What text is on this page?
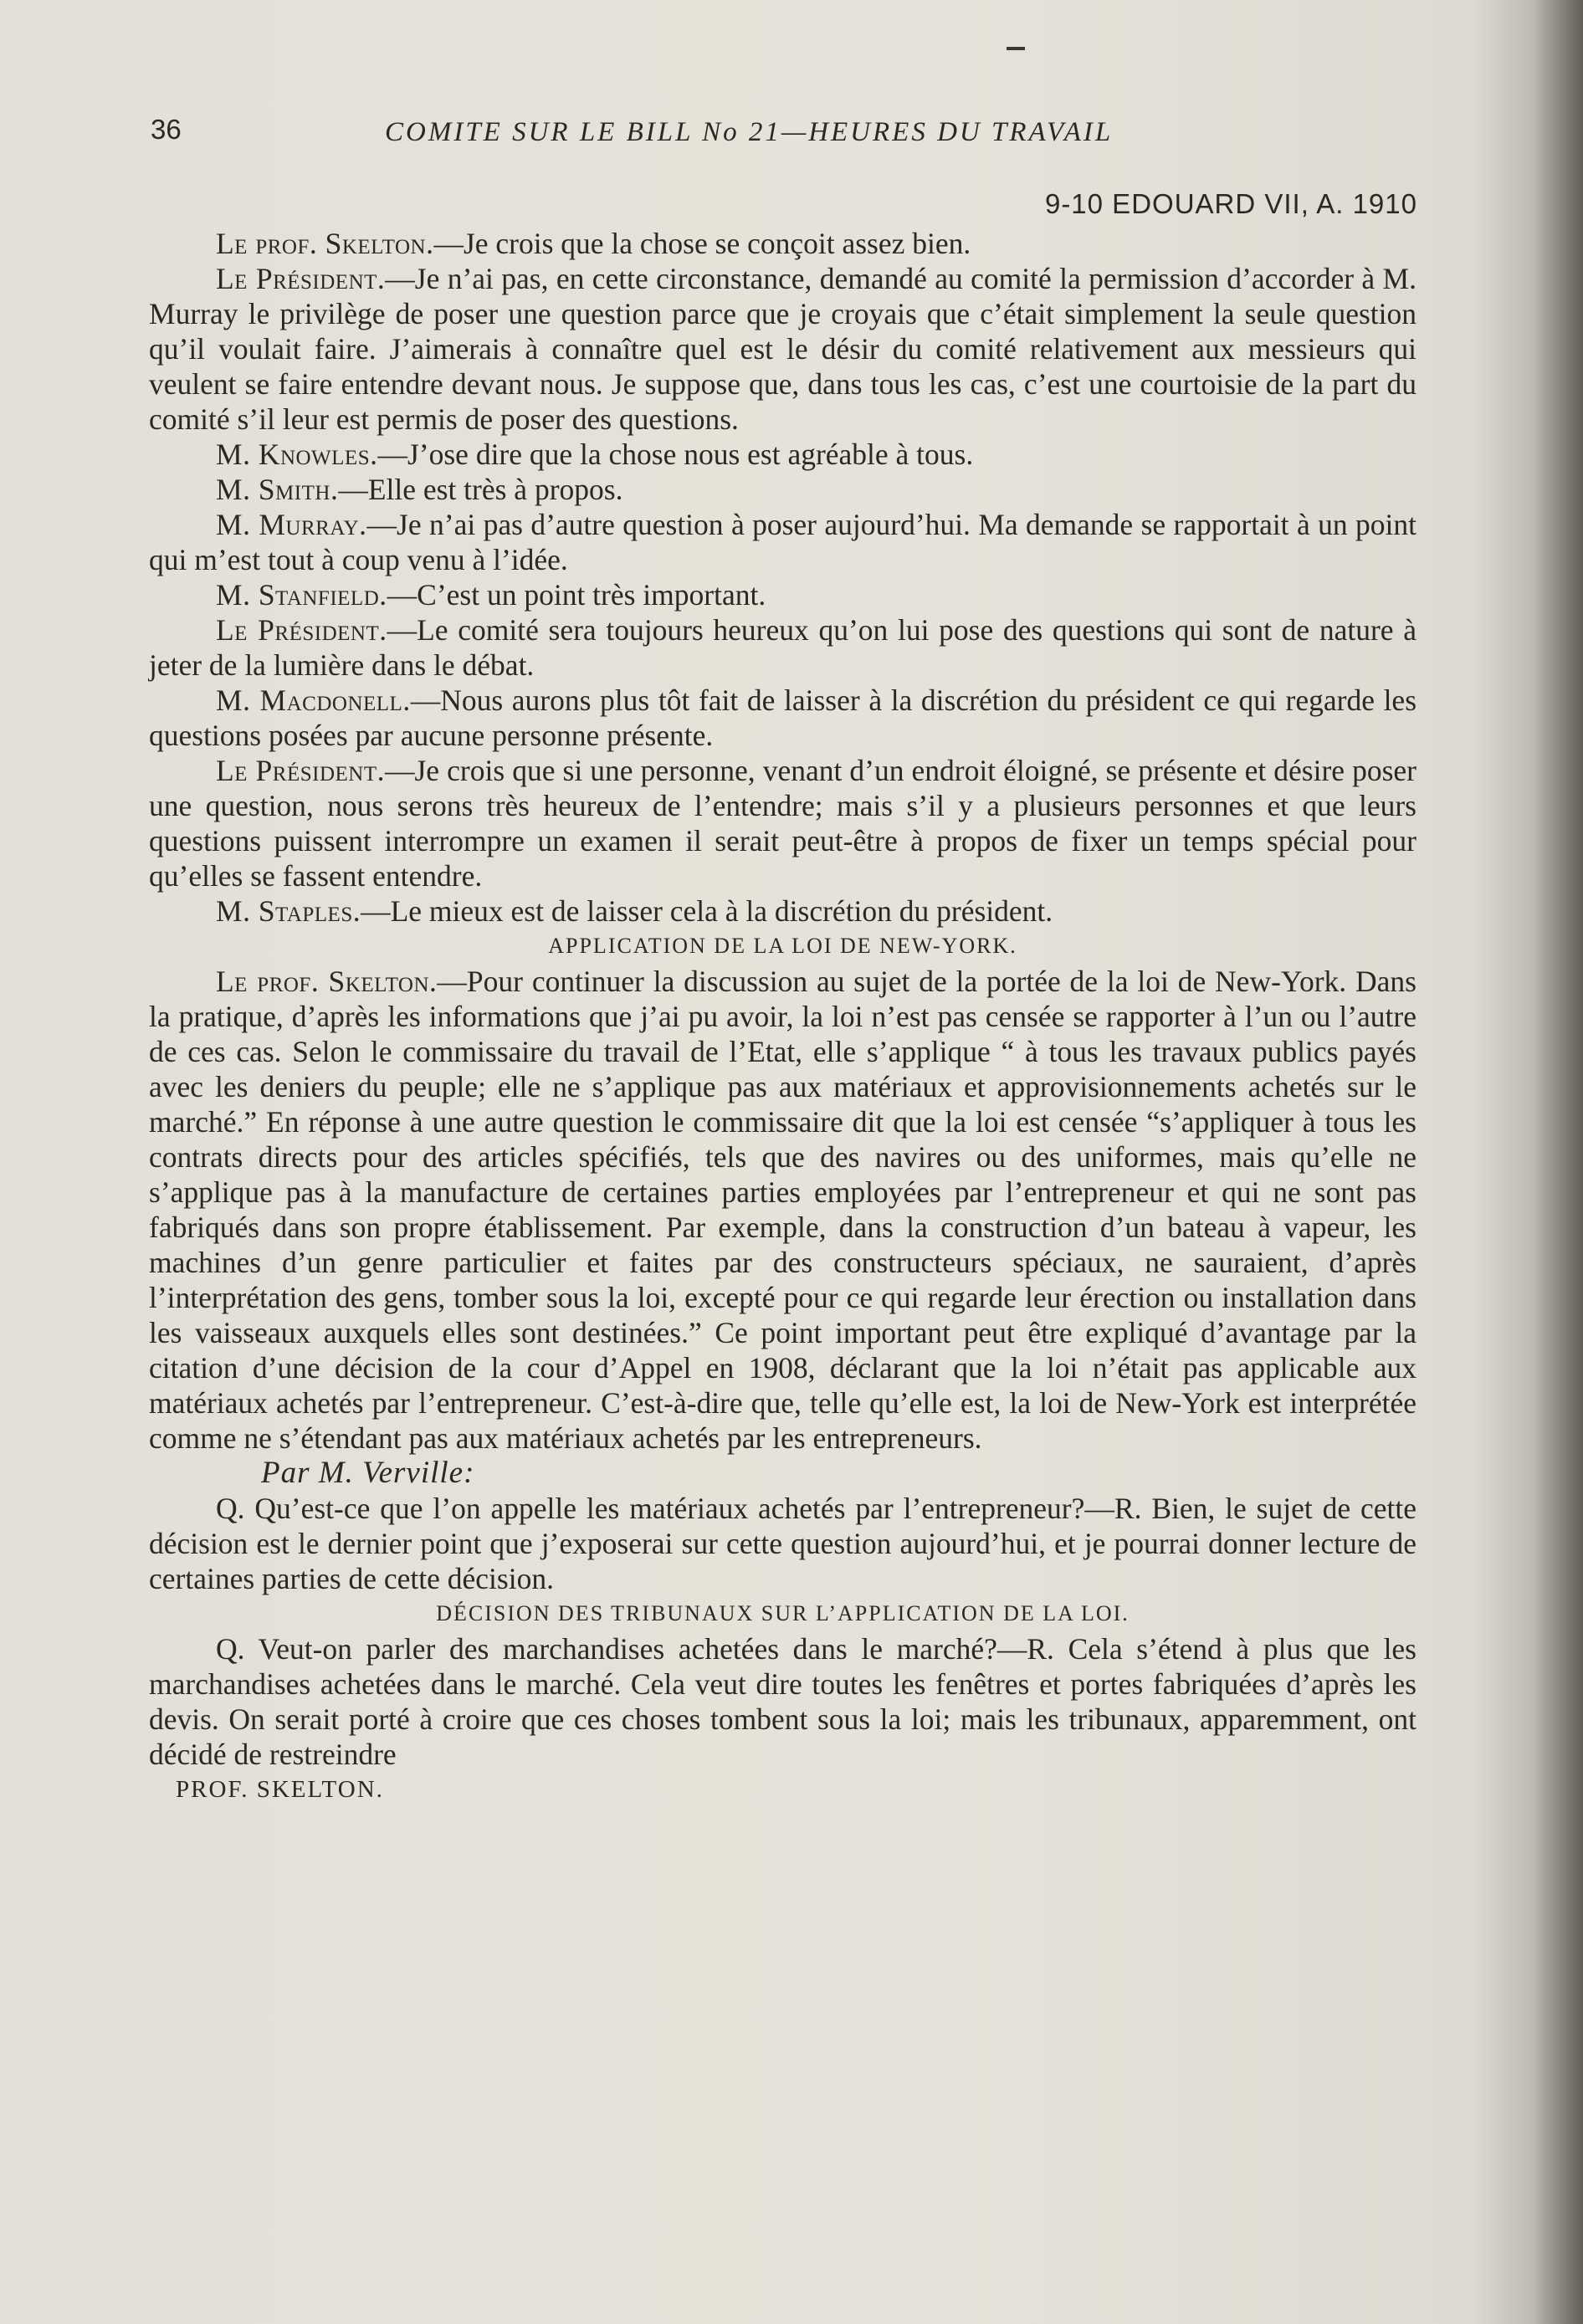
36	COMITE SUR LE BILL No 21—HEURES DU TRAVAIL
9-10 EDOUARD VII, A. 1910

Le prof. Skelton.—Je crois que la chose se conçoit assez bien.

Le Président.—Je n’ai pas, en cette circonstance, demandé au comité la permission d’accorder à M. Murray le privilège de poser une question parce que je croyais que c’était simplement la seule question qu’il voulait faire. J’aimerais à connaître quel est le désir du comité relativement aux messieurs qui veulent se faire entendre devant nous. Je suppose que, dans tous les cas, c’est une courtoisie de la part du comité s’il leur est permis de poser des questions.

M. Knowles.—J’ose dire que la chose nous est agréable à tous.

M. Smith.—Elle est très à propos.

M. Murray.—Je n’ai pas d’autre question à poser aujourd’hui. Ma demande se rapportait à un point qui m’est tout à coup venu à l’idée.

M. Stanfield.—C’est un point très important.

Le Président.—Le comité sera toujours heureux qu’on lui pose des questions qui sont de nature à jeter de la lumière dans le débat.

M. Macdonell.—Nous aurons plus tôt fait de laisser à la discrétion du président ce qui regarde les questions posées par aucune personne présente.

Le Président.—Je crois que si une personne, venant d’un endroit éloigné, se présente et désire poser une question, nous serons très heureux de l’entendre; mais s’il y a plusieurs personnes et que leurs questions puissent interrompre un examen il serait peut-être à propos de fixer un temps spécial pour qu’elles se fassent entendre.

M. Staples.—Le mieux est de laisser cela à la discrétion du président.

APPLICATION DE LA LOI DE NEW-YORK.

Le prof. Skelton.—Pour continuer la discussion au sujet de la portée de la loi de New-York. Dans la pratique, d’après les informations que j’ai pu avoir, la loi n’est pas censée se rapporter à l’un ou l’autre de ces cas. Selon le commissaire du travail de l’Etat, elle s’applique “ à tous les travaux publics payés avec les deniers du peuple; elle ne s’applique pas aux matériaux et approvisionnements achetés sur le marché.” En réponse à une autre question le commissaire dit que la loi est censée “s’appliquer à tous les contrats directs pour des articles spécifiés, tels que des navires ou des uniformes, mais qu’elle ne s’applique pas à la manufacture de certaines parties employées par l’entrepreneur et qui ne sont pas fabriqués dans son propre établissement. Par exemple, dans la construction d’un bateau à vapeur, les machines d’un genre particulier et faites par des constructeurs spéciaux, ne sauraient, d’après l’interprétation des gens, tomber sous la loi, excepté pour ce qui regarde leur érection ou installation dans les vaisseaux auxquels elles sont destinées.” Ce point important peut être expliqué d’avantage par la citation d’une décision de la cour d’Appel en 1908, déclarant que la loi n’était pas applicable aux matériaux achetés par l’entrepreneur. C’est-à-dire que, telle qu’elle est, la loi de New-York est interprétée comme ne s’étendant pas aux matériaux achetés par les entrepreneurs.

Par M. Verville:

Q. Qu’est-ce que l’on appelle les matériaux achetés par l’entrepreneur?—R. Bien, le sujet de cette décision est le dernier point que j’exposerai sur cette question aujourd’hui, et je pourrai donner lecture de certaines parties de cette décision.

DÉCISION DES TRIBUNAUX SUR L’APPLICATION DE LA LOI.

Q. Veut-on parler des marchandises achetées dans le marché?—R. Cela s’étend à plus que les marchandises achetées dans le marché. Cela veut dire toutes les fenêtres et portes fabriquées d’après les devis. On serait porté à croire que ces choses tombent sous la loi; mais les tribunaux, apparemment, ont décidé de restreindre

PROF. SKELTON.
